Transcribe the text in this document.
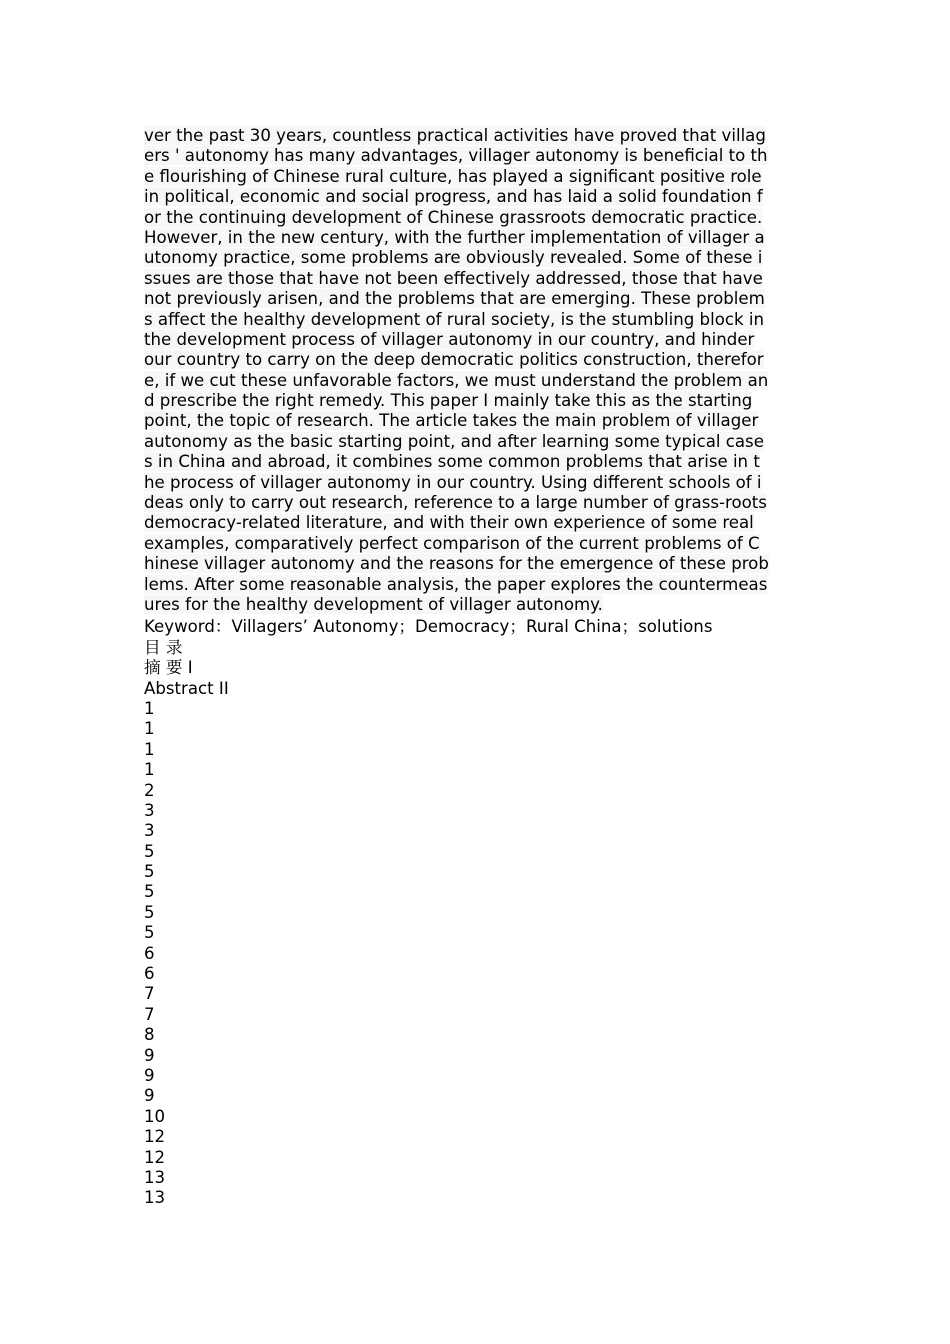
ver the past 30 years, countless practical activities have proved that villag
ers ' autonomy has many advantages, villager autonomy is beneficial to th
e flourishing of Chinese rural culture, has played a significant positive role
in political, economic and social progress, and has laid a solid foundation f
or the continuing development of Chinese grassroots democratic practice.
However, in the new century, with the further implementation of villager a
utonomy practice, some problems are obviously revealed. Some of these i
ssues are those that have not been effectively addressed, those that have
not previously arisen, and the problems that are emerging. These problem
s affect the healthy development of rural society, is the stumbling block in
the development process of villager autonomy in our country, and hinder
our country to carry on the deep democratic politics construction, therefor
e, if we cut these unfavorable factors, we must understand the problem an
d prescribe the right remedy. This paper I mainly take this as the starting
point, the topic of research. The article takes the main problem of villager
autonomy as the basic starting point, and after learning some typical case
s in China and abroad, it combines some common problems that arise in t
he process of villager autonomy in our country. Using different schools of i
deas only to carry out research, reference to a large number of grass-roots
democracy-related literature, and with their own experience of some real
examples, comparatively perfect comparison of the current problems of C
hinese villager autonomy and the reasons for the emergence of these prob
lems. After some reasonable analysis, the paper explores the countermeas
ures for the healthy development of villager autonomy.
Keyword：Villagers’ Autonomy；Democracy；Rural China；solutions
目 录
摘 要 I
Abstract II
1
1
1
1
2
3
3
5
5
5
5
5
6
6
7
7
8
9
9
9
10
12
12
13
13
